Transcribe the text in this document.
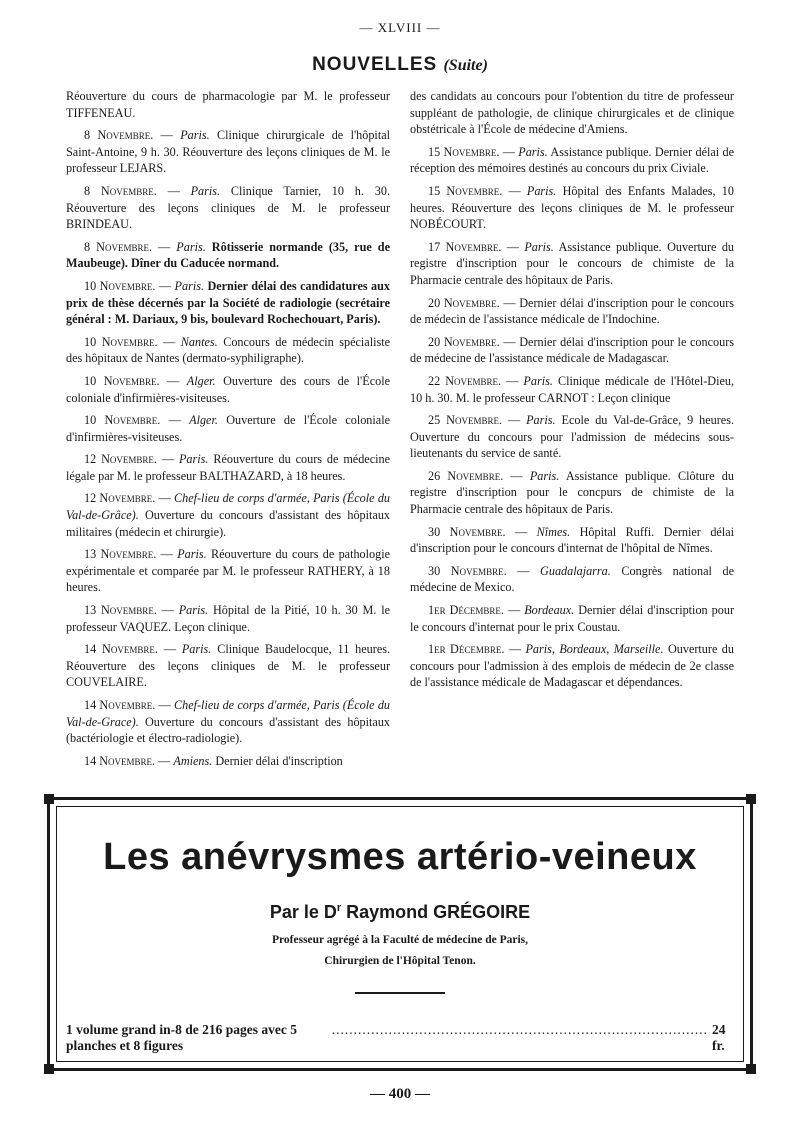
— XLVIII —
NOUVELLES (Suite)

Réouverture du cours de pharmacologie par M. le professeur TIFFENEAU.

8 Novembre. — Paris. Clinique chirurgicale de l'hôpital Saint-Antoine, 9 h. 30. Réouverture des leçons cliniques de M. le professeur LEJARS.

8 Novembre. — Paris. Clinique Tarnier, 10 h. 30. Réouverture des leçons cliniques de M. le professeur BRINDEAU.

8 Novembre. — Paris. Rôtisserie normande (35, rue de Maubeuge). Dîner du Caducée normand.

10 Novembre. — Paris. Dernier délai des candidatures aux prix de thèse décernés par la Société de radiologie (secrétaire général : M. Dariaux, 9 bis, boulevard Rochechouart, Paris).

10 Novembre. — Nantes. Concours de médecin spécialiste des hôpitaux de Nantes (dermato-syphiligraphe).

10 Novembre. — Alger. Ouverture des cours de l'École coloniale d'infirmières-visiteuses.

10 Novembre. — Alger. Ouverture de l'École coloniale d'infirmières-visiteuses.

12 Novembre. — Paris. Réouverture du cours de médecine légale par M. le professeur BALTHAZARD, à 18 heures.

12 Novembre. — Chef-lieu de corps d'armée, Paris (École du Val-de-Grâce). Ouverture du concours d'assistant des hôpitaux militaires (médecin et chirurgie).

13 Novembre. — Paris. Réouverture du cours de pathologie expérimentale et comparée par M. le professeur RATHERY, à 18 heures.

13 Novembre. — Paris. Hôpital de la Pitié, 10 h. 30 M. le professeur VAQUEZ. Leçon clinique.

14 Novembre. — Paris. Clinique Baudelocque, 11 heures. Réouverture des leçons cliniques de M. le professeur COUVELAIRE.

14 Novembre. — Chef-lieu de corps d'armée, Paris (École du Val-de-Grace). Ouverture du concours d'assistant des hôpitaux (bactériologie et électro-radiologie).

14 Novembre. — Amiens. Dernier délai d'inscription

des candidats au concours pour l'obtention du titre de professeur suppléant de pathologie, de clinique chirurgicales et de clinique obstétricale à l'École de médecine d'Amiens.

15 Novembre. — Paris. Assistance publique. Dernier délai de réception des mémoires destinés au concours du prix Civiale.

15 Novembre. — Paris. Hôpital des Enfants Malades, 10 heures. Réouverture des leçons cliniques de M. le professeur NOBÉCOURT.

17 Novembre. — Paris. Assistance publique. Ouverture du registre d'inscription pour le concours de chimiste de la Pharmacie centrale des hôpitaux de Paris.

20 Novembre. — Dernier délai d'inscription pour le concours de médecin de l'assistance médicale de l'Indochine.

20 Novembre. — Dernier délai d'inscription pour le concours de médecine de l'assistance médicale de Madagascar.

22 Novembre. — Paris. Clinique médicale de l'Hôtel-Dieu, 10 h. 30. M. le professeur CARNOT : Leçon clinique

25 Novembre. — Paris. Ecole du Val-de-Grâce, 9 heures. Ouverture du concours pour l'admission de médecins sous-lieutenants du service de santé.

26 Novembre. — Paris. Assistance publique. Clôture du registre d'inscription pour le concpurs de chimiste de la Pharmacie centrale des hôpitaux de Paris.

30 Novembre. — Nîmes. Hôpital Ruffi. Dernier délai d'inscription pour le concours d'internat de l'hôpital de Nîmes.

30 Novembre. — Guadalajarra. Congrès national de médecine de Mexico.

1er Décembre. — Bordeaux. Dernier délai d'inscription pour le concours d'internat pour le prix Coustau.

1er Décembre. — Paris, Bordeaux, Marseille. Ouverture du concours pour l'admission à des emplois de médecin de 2e classe de l'assistance médicale de Madagascar et dépendances.

Les anévrysmes artério-veineux
Par le $D^r$ Raymond GRÉGOIRE
Professeur agrégé à la Faculté de médecine de Paris,
Chirurgien de l'Hôpital Tenon.
1 volume grand in-8 de 216 pages avec 5 planches et 8 figures
...................................................................................... 24 fr.
— 400 —
